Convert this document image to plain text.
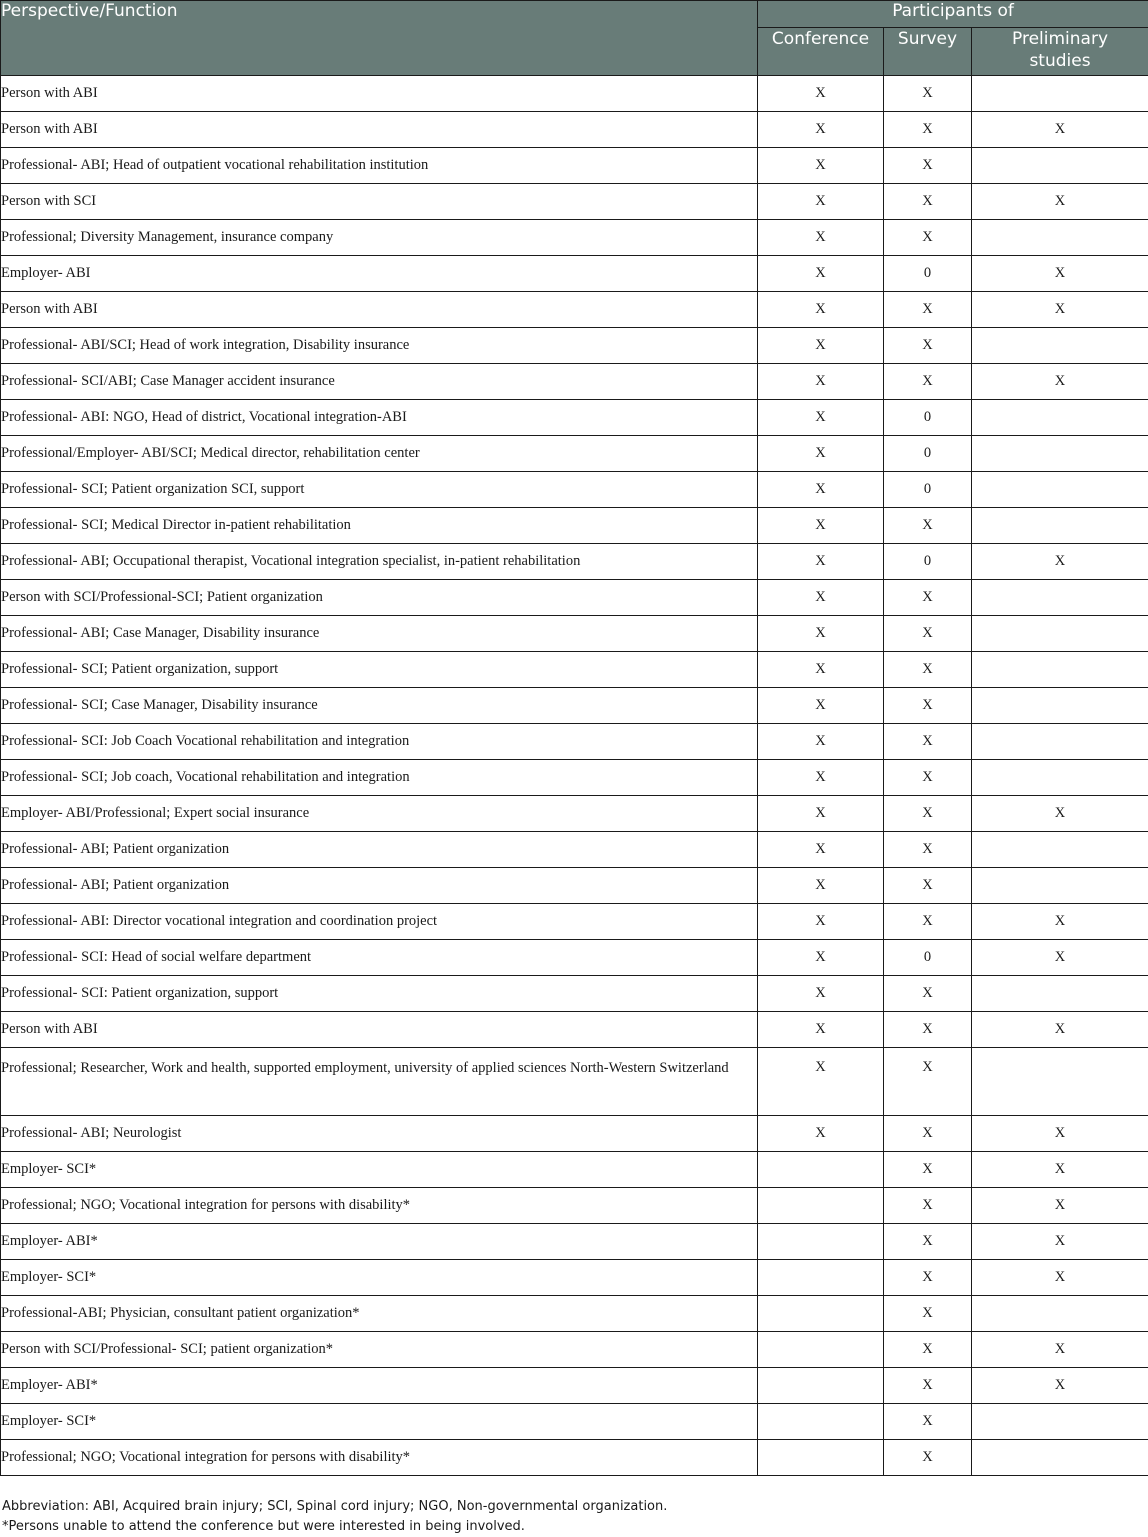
Perspective/Function	Participants of		
	Conference	Survey	Preliminary
studies
Person with ABI	X	X	
Person with ABI	X	X	X
Professional- ABI; Head of outpatient vocational rehabilitation institution	X	X	
Person with SCI	X	X	X
Professional; Diversity Management, insurance company	X	X	
Employer- ABI	X	0	X
Person with ABI	X	X	X
Professional- ABI/SCI; Head of work integration, Disability insurance	X	X	
Professional- SCI/ABI; Case Manager accident insurance	X	X	X
Professional- ABI: NGO, Head of district, Vocational integration-ABI	X	0	
Professional/Employer- ABI/SCI; Medical director, rehabilitation center	X	0	
Professional- SCI; Patient organization SCI, support	X	0	
Professional- SCI; Medical Director in-patient rehabilitation	X	X	
Professional- ABI; Occupational therapist, Vocational integration specialist, in-patient rehabilitation	X	0	X
Person with SCI/Professional-SCI; Patient organization	X	X	
Professional- ABI; Case Manager, Disability insurance	X	X	
Professional- SCI; Patient organization, support	X	X	
Professional- SCI; Case Manager, Disability insurance	X	X	
Professional- SCI: Job Coach Vocational rehabilitation and integration	X	X	
Professional- SCI; Job coach, Vocational rehabilitation and integration	X	X	
Employer- ABI/Professional; Expert social insurance	X	X	X
Professional- ABI; Patient organization	X	X	
Professional- ABI; Patient organization	X	X	
Professional- ABI: Director vocational integration and coordination project	X	X	X
Professional- SCI: Head of social welfare department	X	0	X
Professional- SCI: Patient organization, support	X	X	
Person with ABI	X	X	X
Professional; Researcher, Work and health, supported employment, university of applied sciences North-Western Switzerland	X	X	
Professional- ABI; Neurologist	X	X	X
Employer- SCI*		X	X
Professional; NGO; Vocational integration for persons with disability*		X	X
Employer- ABI*		X	X
Employer- SCI*		X	X
Professional-ABI; Physician, consultant patient organization*		X	
Person with SCI/Professional- SCI; patient organization*		X	X
Employer- ABI*		X	X
Employer- SCI*		X	
Professional; NGO; Vocational integration for persons with disability*		X	
Abbreviation: ABI, Acquired brain injury; SCI, Spinal cord injury; NGO, Non-governmental organization.
*Persons unable to attend the conference but were interested in being involved.
